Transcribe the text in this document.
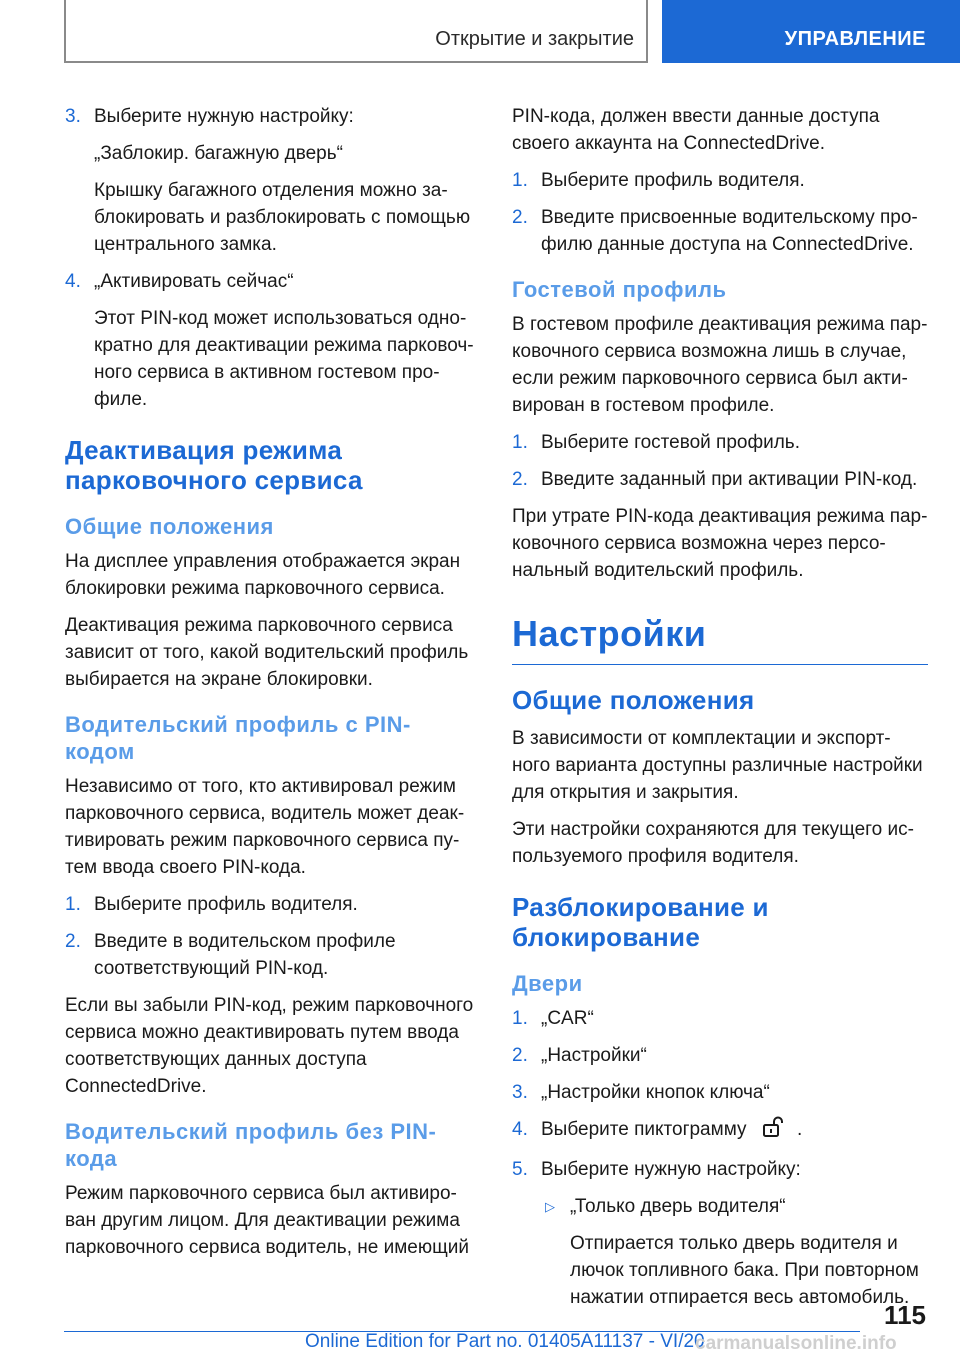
Открытие и закрытие	УПРАВЛЕНИЕ
3. Выберите нужную настройку:

„Заблокир. багажную дверь“

Крышку багажного отделения можно за-блокировать и разблокировать с помощью центрального замка.

4. „Активировать сейчас“

Этот PIN-код может использоваться одно-кратно для деактивации режима парковоч-ного сервиса в активном гостевом про-филе.

Деактивация режима парковочного сервиса
Общие положения

На дисплее управления отображается экран блокировки режима парковочного сервиса.

Деактивация режима парковочного сервиса зависит от того, какой водительский профиль выбирается на экране блокировки.

Водительский профиль с PIN-кодом

Независимо от того, кто активировал режим парковочного сервиса, водитель может деак-тивировать режим парковочного сервиса пу-тем ввода своего PIN-кода.

1. Выберите профиль водителя.

2. Введите в водительском профиле соответствующий PIN-код.

Если вы забыли PIN-код, режим парковочного сервиса можно деактивировать путем ввода соответствующих данных доступа ConnectedDrive.

Водительский профиль без PIN-кода

Режим парковочного сервиса был активиро-ван другим лицом. Для деактивации режима парковочного сервиса водитель, не имеющий

PIN-кода, должен ввести данные доступа своего аккаунта на ConnectedDrive.

1. Выберите профиль водителя.

2. Введите присвоенные водительскому про-филю данные доступа на ConnectedDrive.

Гостевой профиль

В гостевом профиле деактивация режима пар-ковочного сервиса возможна лишь в случае, если режим парковочного сервиса был акти-вирован в гостевом профиле.

1. Выберите гостевой профиль.

2. Введите заданный при активации PIN-код.

При утрате PIN-кода деактивация режима пар-ковочного сервиса возможна через персо-нальный водительский профиль.

Настройки
Общие положения

В зависимости от комплектации и экспорт-ного варианта доступны различные настройки для открытия и закрытия.

Эти настройки сохраняются для текущего ис-пользуемого профиля водителя.

Разблокирование и блокирование
Двери
1. „CAR“

2. „Настройки“

3. „Настройки кнопок ключа“

4. Выберите пиктограмму	.

5. Выберите нужную настройку:

▷ „Только дверь водителя“

Отпирается только дверь водителя и лючок топливного бака. При повторном нажатии отпирается весь автомобиль.

115
Online Edition for Part no. 01405A11137 - VI/20
carmanualsonline.info
